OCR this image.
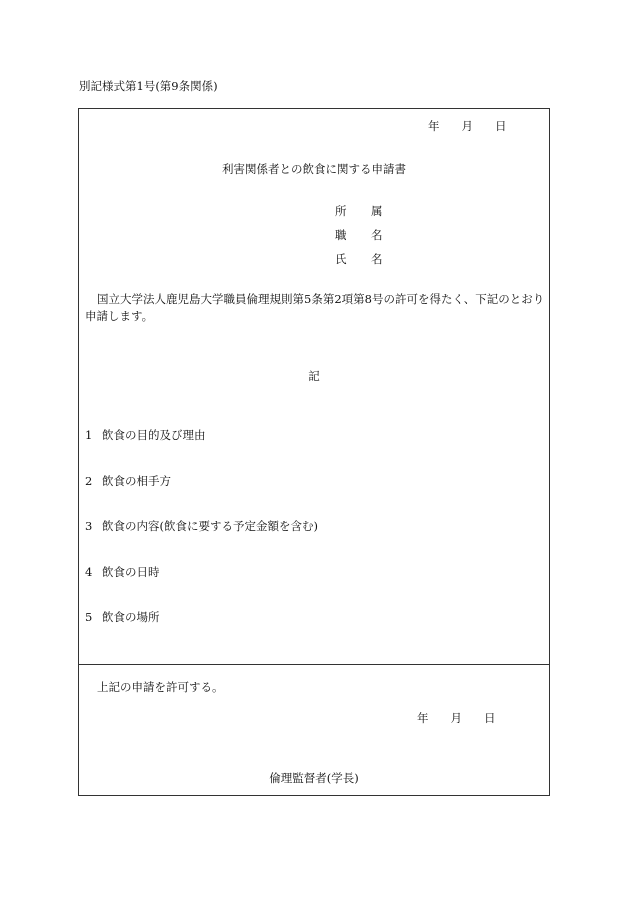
別記様式第1号(第9条関係)
年 月 日
利害関係者との飲食に関する申請書
所	属
職	名
氏	名
国立大学法人鹿児島大学職員倫理規則第5条第2項第8号の許可を得たく、下記のとおり申請します。
記
1 飲食の目的及び理由
2 飲食の相手方
3 飲食の内容(飲食に要する予定金額を含む)
4 飲食の日時
5 飲食の場所
上記の申請を許可する。
年 月 日
倫理監督者(学長)
